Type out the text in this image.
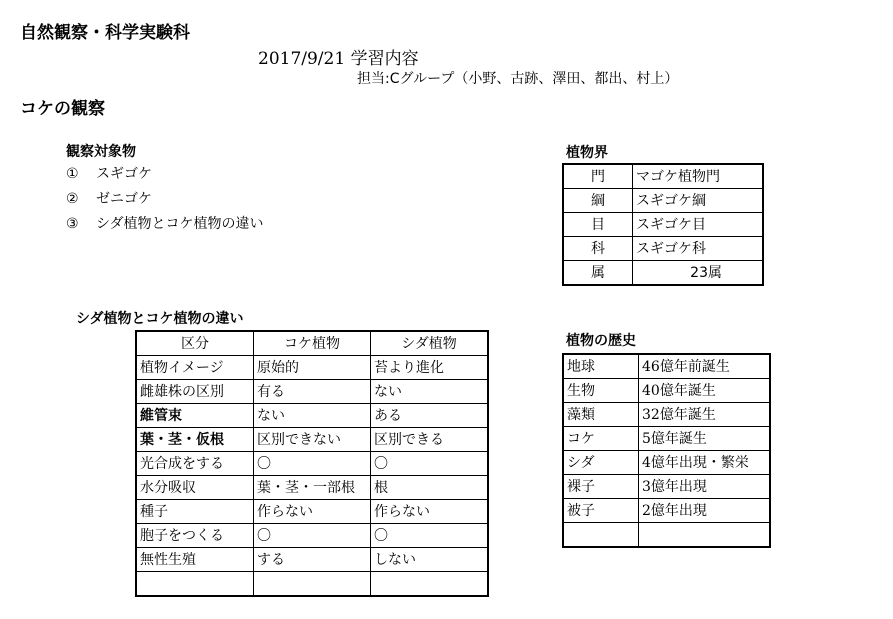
自然観察・科学実験科
2017/9/21 学習内容
担当:Cグループ（小野、古跡、澤田、都出、村上）
コケの観察
観察対象物
① スギゴケ
② ゼニゴケ
③ シダ植物とコケ植物の違い
植物界
門	マゴケ植物門
綱	スギゴケ綱
目	スギゴケ目
科	スギゴケ科
属	23属
シダ植物とコケ植物の違い
区分	コケ植物	シダ植物
植物イメージ	原始的	苔より進化
雌雄株の区別	有る	ない
維管束	ない	ある
葉・茎・仮根	区別できない	区別できる
光合成をする	〇	〇
水分吸収	葉・茎・一部根	根
種子	作らない	作らない
胞子をつくる	〇	〇
無性生殖	する	しない

植物の歴史
地球	46億年前誕生
生物	40億年誕生
藻類	32億年誕生
コケ	5億年誕生
シダ	4億年出現・繁栄
裸子	3億年出現
被子	2億年出現
